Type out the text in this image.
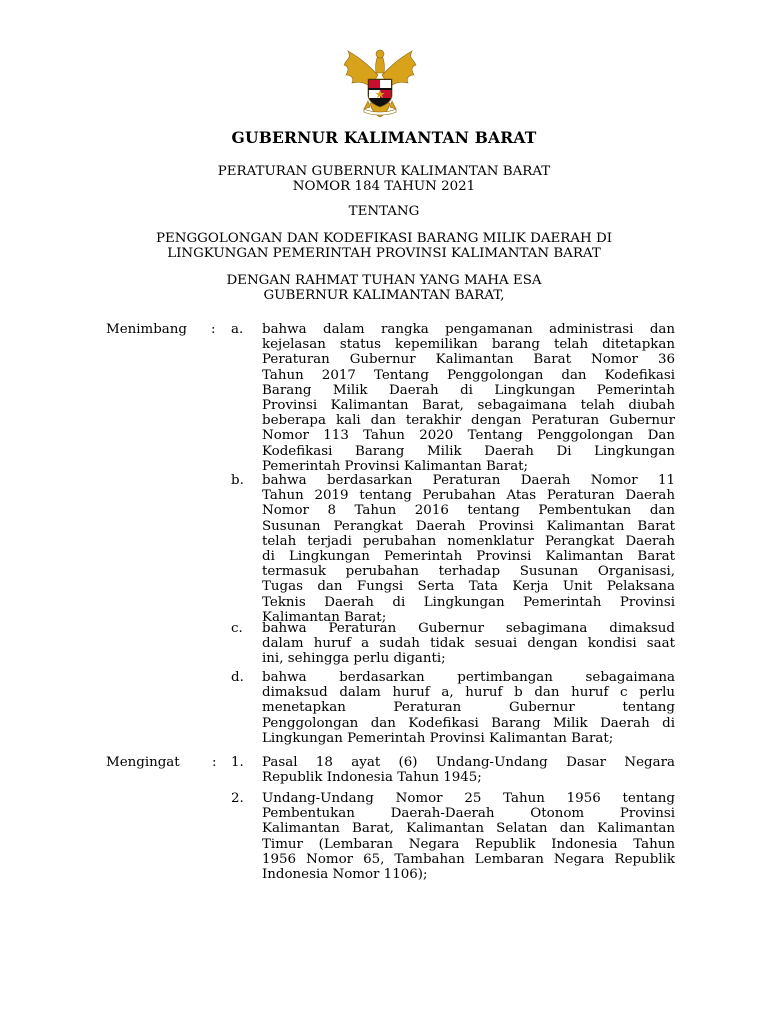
GUBERNUR KALIMANTAN BARAT
PERATURAN GUBERNUR KALIMANTAN BARAT
NOMOR 184 TAHUN 2021
TENTANG
PENGGOLONGAN DAN KODEFIKASI BARANG MILIK DAERAH DI
LINGKUNGAN PEMERINTAH PROVINSI KALIMANTAN BARAT
DENGAN RAHMAT TUHAN YANG MAHA ESA
GUBERNUR KALIMANTAN BARAT,
Menimbang : a. bahwa dalam rangka pengamanan administrasi dan
kejelasan status kepemilikan barang telah ditetapkan
Peraturan Gubernur Kalimantan Barat Nomor 36
Tahun 2017 Tentang Penggolongan dan Kodefikasi
Barang Milik Daerah di Lingkungan Pemerintah
Provinsi Kalimantan Barat, sebagaimana telah diubah
beberapa kali dan terakhir dengan Peraturan Gubernur
Nomor 113 Tahun 2020 Tentang Penggolongan Dan
Kodefikasi Barang Milik Daerah Di Lingkungan
Pemerintah Provinsi Kalimantan Barat;
b. bahwa berdasarkan Peraturan Daerah Nomor 11
Tahun 2019 tentang Perubahan Atas Peraturan Daerah
Nomor 8 Tahun 2016 tentang Pembentukan dan
Susunan Perangkat Daerah Provinsi Kalimantan Barat
telah terjadi perubahan nomenklatur Perangkat Daerah
di Lingkungan Pemerintah Provinsi Kalimantan Barat
termasuk perubahan terhadap Susunan Organisasi,
Tugas dan Fungsi Serta Tata Kerja Unit Pelaksana
Teknis Daerah di Lingkungan Pemerintah Provinsi
Kalimantan Barat;
c. bahwa Peraturan Gubernur sebagimana dimaksud
dalam huruf a sudah tidak sesuai dengan kondisi saat
ini, sehingga perlu diganti;
d. bahwa berdasarkan pertimbangan sebagaimana
dimaksud dalam huruf a, huruf b dan huruf c perlu
menetapkan Peraturan Gubernur tentang
Penggolongan dan Kodefikasi Barang Milik Daerah di
Lingkungan Pemerintah Provinsi Kalimantan Barat;
Mengingat : 1. Pasal 18 ayat (6) Undang-Undang Dasar Negara
Republik Indonesia Tahun 1945;
2. Undang-Undang Nomor 25 Tahun 1956 tentang
Pembentukan Daerah-Daerah Otonom Provinsi
Kalimantan Barat, Kalimantan Selatan dan Kalimantan
Timur (Lembaran Negara Republik Indonesia Tahun
1956 Nomor 65, Tambahan Lembaran Negara Republik
Indonesia Nomor 1106);
